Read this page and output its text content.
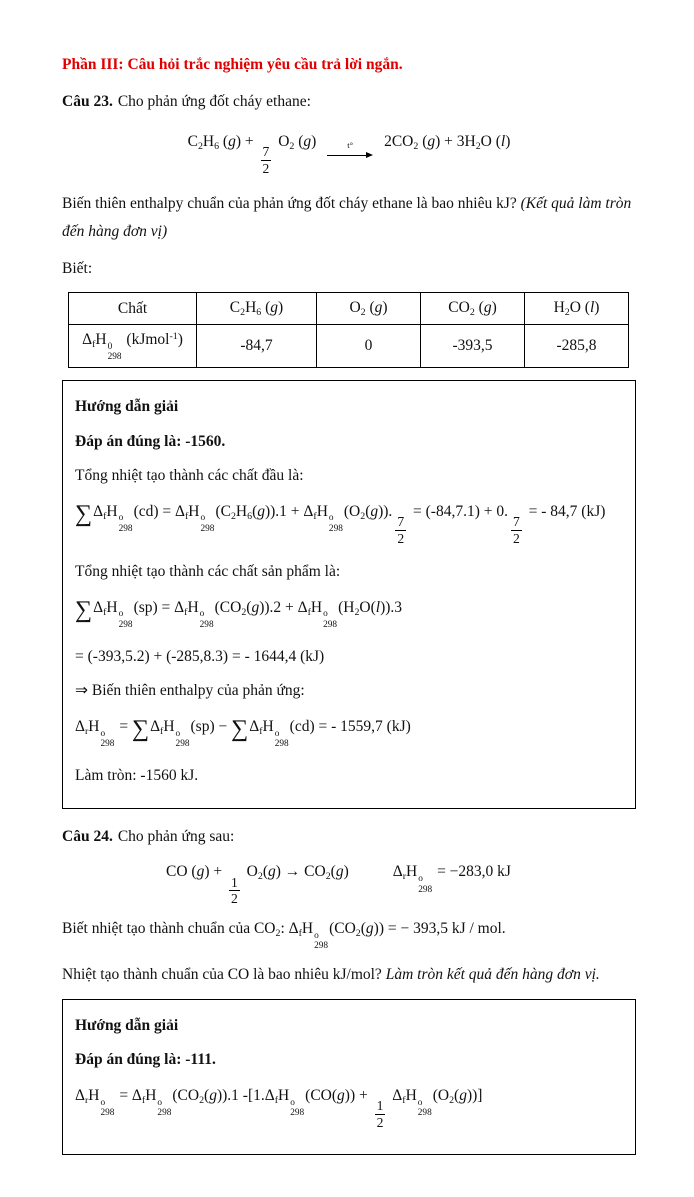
Phần III: Câu hỏi trắc nghiệm yêu cầu trả lời ngắn.

Câu 23. Cho phản ứng đốt cháy ethane:

C2H6 (g) +
$\frac{7}{2}$
O2 (g)	t° 2CO2 (g) + 3H2O (l)

Biến thiên enthalpy chuẩn của phản ứng đốt cháy ethane là bao nhiêu kJ? (Kết quả làm tròn đến hàng đơn vị)

Biết:

Chất	C2H6 (g)	O2 (g)	CO2 (g)	H2O (l)
ΔfH 0
298
(kJmol$^{-1}$)	-84,7	0	-393,5	-285,8

Hướng dẫn giải

Đáp án đúng là: -1560.

Tổng nhiệt tạo thành các chất đầu là:

∑ΔfH o
298
(cd) = ΔfH o
298
(C2H6(g)).1 + ΔfH o
298
(O2(g)).
$\frac{7}{2}$
= (-84,7.1) + 0.
$\frac{7}{2}$
= - 84,7 (kJ)

Tổng nhiệt tạo thành các chất sản phẩm là:

∑ΔfH o
298
(sp) = ΔfH o
298
(CO2(g)).2 + ΔfH o
298
(H2O(l)).3

= (-393,5.2) + (-285,8.3) = - 1644,4 (kJ)

⇒ Biến thiên enthalpy của phản ứng:

ΔrH o
298
= ∑ΔfH o
298
(sp) − ∑ΔfH o
298
(cd) = - 1559,7 (kJ)

Làm tròn: -1560 kJ.

Câu 24. Cho phản ứng sau:

CO (g) +
$\frac{1}{2}$
O2(g) → CO2(g)	ΔrH o
298
= −283,0 kJ
Biết nhiệt tạo thành chuẩn của CO2: ΔfH o
298
(CO2(g)) = − 393,5 kJ / mol.

Nhiệt tạo thành chuẩn của CO là bao nhiêu kJ/mol? Làm tròn kết quả đến hàng đơn vị.

Hướng dẫn giải

Đáp án đúng là: -111.

ΔrH o
298
= ΔfH o
298
(CO2(g)).1 -[1.ΔfH o
298
(CO(g)) +
$\frac{1}{2}$
ΔfH o
298
(O2(g))]
